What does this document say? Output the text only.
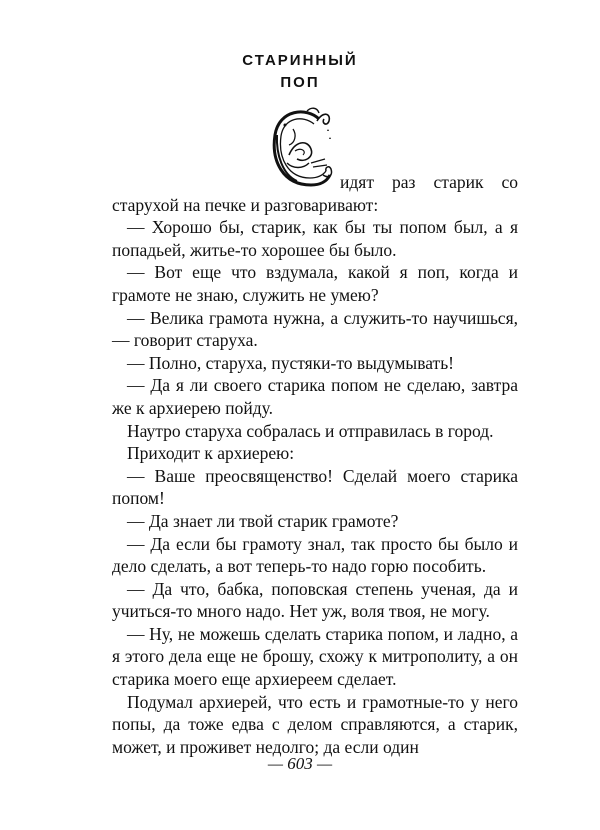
СТАРИННЫЙ
ПОП

идят раз старик со старухой на печке и разговаривают:

— Хорошо бы, старик, как бы ты попом был, а я попадьей, житье-то хорошее бы было.

— Вот еще что вздумала, какой я поп, когда и грамоте не знаю, служить не умею?

— Велика грамота нужна, а служить-то научишься,— говорит старуха.

— Полно, старуха, пустяки-то выдумывать!

— Да я ли своего старика попом не сделаю, завтра же к архиерею пойду.

Наутро старуха собралась и отправилась в город.

Приходит к архиерею:

— Ваше преосвященство! Сделай моего старика попом!

— Да знает ли твой старик грамоте?

— Да если бы грамоту знал, так просто бы было и дело сделать, а вот теперь-то надо горю пособить.

— Да что, бабка, поповская степень ученая, да и учиться-то много надо. Нет уж, воля твоя, не могу.

— Ну, не можешь сделать старика попом, и ладно, а я этого дела еще не брошу, схожу к митрополиту, а он старика моего еще архиереем сделает.

Подумал архиерей, что есть и грамотные-то у него попы, да тоже едва с делом справляются, а старик, может, и проживет недолго; да если один

— 603 —
